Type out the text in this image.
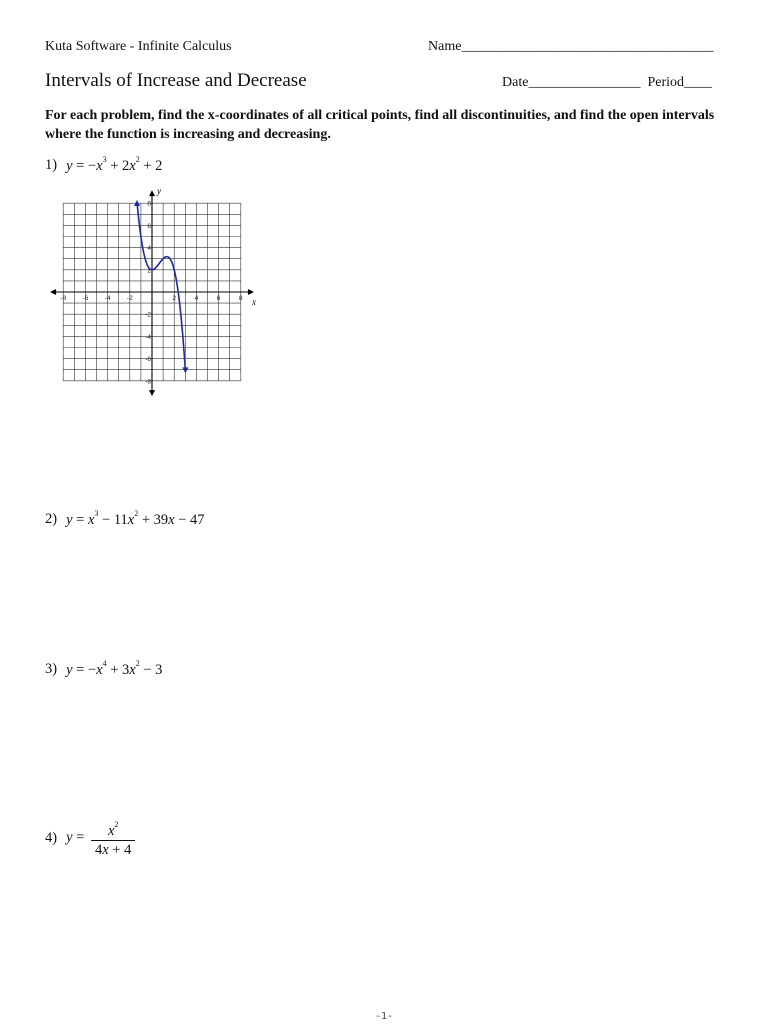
Kuta Software - Infinite Calculus	Name____________________________________
Intervals of Increase and Decrease	Date________________  Period____
For each problem, find the x-coordinates of all critical points, find all discontinuities, and find the open intervals where the function is increasing and decreasing.
1) $y = -x^3 + 2x^2 + 2$
-8	-6	-4	-2	2	4	6	8
8
6
4
2
-2
-4
-6
-8
x
y
2) $y = x^3 - 11x^2 + 39x - 47$
3) $y = -x^4 + 3x^2 - 3$
4) $y = \frac{x^2}{4x + 4}$
-1-
